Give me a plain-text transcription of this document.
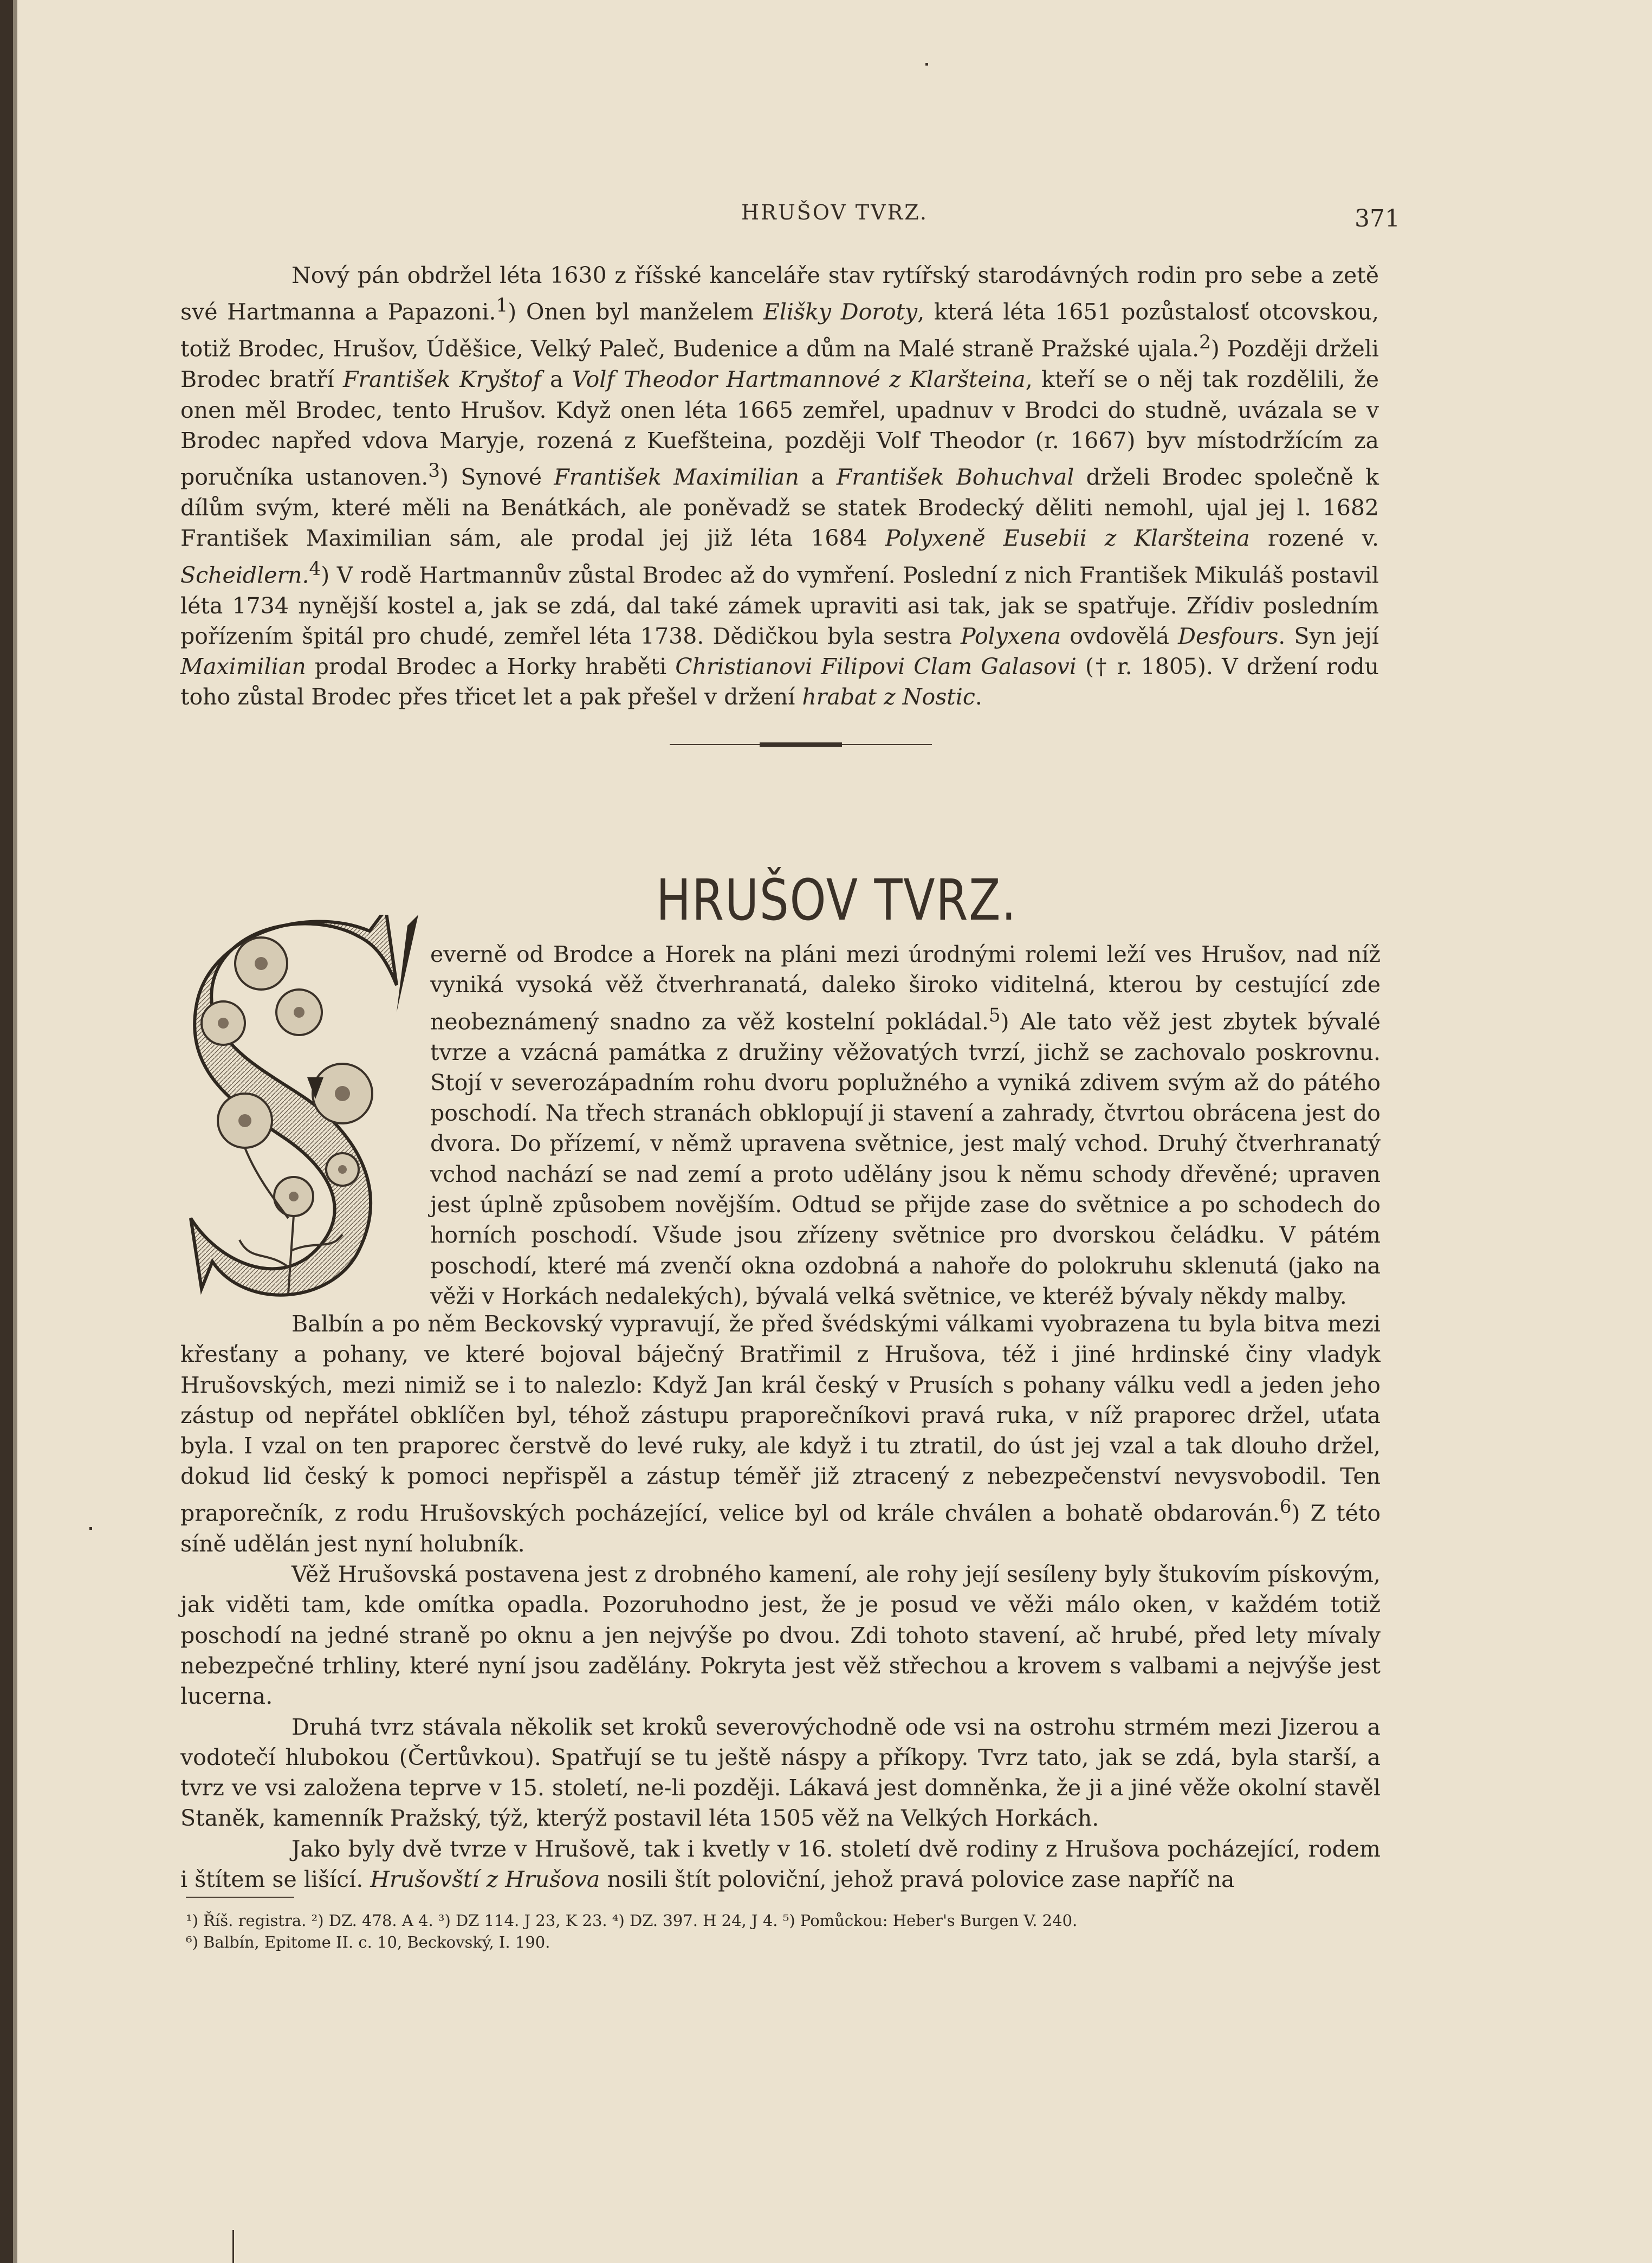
HRUŠOV TVRZ.	371

Nový pán obdržel léta 1630 z říšské kanceláře stav rytířský starodávných rodin pro sebe a zetě své Hartmanna a Papazoni.$^1$) Onen byl manželem Elišky Doroty, která léta 1651 pozůstalosť otcovskou, totiž Brodec, Hrušov, Úděšice, Velký Paleč, Budenice a dům na Malé straně Pražské ujala.$^2$) Později drželi Brodec bratří František Kryštof a Volf Theodor Hartmannové z Klaršteina, kteří se o něj tak rozdělili, že onen měl Brodec, tento Hrušov. Když onen léta 1665 zemřel, upadnuv v Brodci do studně, uvázala se v Brodec napřed vdova Maryje, rozená z Kuefšteina, později Volf Theodor (r. 1667) byv místodržícím za poručníka ustanoven.$^3$) Synové František Maximilian a František Bohuchval drželi Brodec společně k dílům svým, které měli na Benátkách, ale poněvadž se statek Brodecký děliti nemohl, ujal jej l. 1682 František Maximilian sám, ale prodal jej již léta 1684 Polyxeně Eusebii z Klaršteina rozené v. Scheidlern.$^4$) V rodě Hartmannův zůstal Brodec až do vymření. Poslední z nich František Mikuláš postavil léta 1734 nynější kostel a, jak se zdá, dal také zámek upraviti asi tak, jak se spatřuje. Zřídiv posledním pořízením špitál pro chudé, zemřel léta 1738. Dědičkou byla sestra Polyxena ovdovělá Desfours. Syn její Maximilian prodal Brodec a Horky hraběti Christianovi Filipovi Clam Galasovi († r. 1805). V držení rodu toho zůstal Brodec přes třicet let a pak přešel v držení hrabat z Nostic.

HRUŠOV TVRZ.

everně od Brodce a Horek na pláni mezi úrodnými rolemi leží ves Hrušov, nad níž vyniká vysoká věž čtverhranatá, daleko široko viditelná, kterou by cestující zde neobeznámený snadno za věž kostelní pokládal.$^5$) Ale tato věž jest zbytek bývalé tvrze a vzácná památka z družiny věžovatých tvrzí, jichž se zachovalo poskrovnu. Stojí v severozápadním rohu dvoru poplužného a vyniká zdivem svým až do pátého poschodí. Na třech stranách obklopují ji stavení a zahrady, čtvrtou obrácena jest do dvora. Do přízemí, v němž upravena světnice, jest malý vchod. Druhý čtverhranatý vchod nachází se nad zemí a proto udělány jsou k němu schody dřevěné; upraven jest úplně způsobem novějším. Odtud se přijde zase do světnice a po schodech do horních poschodí. Všude jsou zřízeny světnice pro dvorskou čeládku. V pátém poschodí, které má zvenčí okna ozdobná a nahoře do polokruhu sklenutá (jako na věži v Horkách nedalekých), bývalá velká světnice, ve kteréž bývaly někdy malby.

Balbín a po něm Beckovský vypravují, že před švédskými válkami vyobrazena tu byla bitva mezi křesťany a pohany, ve které bojoval báječný Bratřimil z Hrušova, též i jiné hrdinské činy vladyk Hrušovských, mezi nimiž se i to nalezlo: Když Jan král český v Prusích s pohany válku vedl a jeden jeho zástup od nepřátel obklíčen byl, téhož zástupu praporečníkovi pravá ruka, v níž praporec držel, uťata byla. I vzal on ten praporec čerstvě do levé ruky, ale když i tu ztratil, do úst jej vzal a tak dlouho držel, dokud lid český k pomoci nepřispěl a zástup téměř již ztracený z nebezpečenství nevysvobodil. Ten praporečník, z rodu Hrušovských pocházející, velice byl od krále chválen a bohatě obdarován.$^6$) Z této síně udělán jest nyní holubník.

Věž Hrušovská postavena jest z drobného kamení, ale rohy její sesíleny byly štukovím pískovým, jak viděti tam, kde omítka opadla. Pozoruhodno jest, že je posud ve věži málo oken, v každém totiž poschodí na jedné straně po oknu a jen nejvýše po dvou. Zdi tohoto stavení, ač hrubé, před lety mívaly nebezpečné trhliny, které nyní jsou zadělány. Pokryta jest věž střechou a krovem s valbami a nejvýše jest lucerna.

Druhá tvrz stávala několik set kroků severovýchodně ode vsi na ostrohu strmém mezi Jizerou a vodotečí hlubokou (Čertůvkou). Spatřují se tu ještě náspy a příkopy. Tvrz tato, jak se zdá, byla starší, a tvrz ve vsi založena teprve v 15. století, ne-li později. Lákavá jest domněnka, že ji a jiné věže okolní stavěl Staněk, kamenník Pražský, týž, kterýž postavil léta 1505 věž na Velkých Horkách.

Jako byly dvě tvrze v Hrušově, tak i kvetly v 16. století dvě rodiny z Hrušova pocházející, rodem i štítem se lišící. Hrušovští z Hrušova nosili štít poloviční, jehož pravá polovice zase napříč na

¹) Říš. registra. ²) DZ. 478. A 4. ³) DZ 114. J 23, K 23. ⁴) DZ. 397. H 24, J 4. ⁵) Pomůckou: Heber's Burgen V. 240.
⁶) Balbín, Epitome II. c. 10, Beckovský, I. 190.
